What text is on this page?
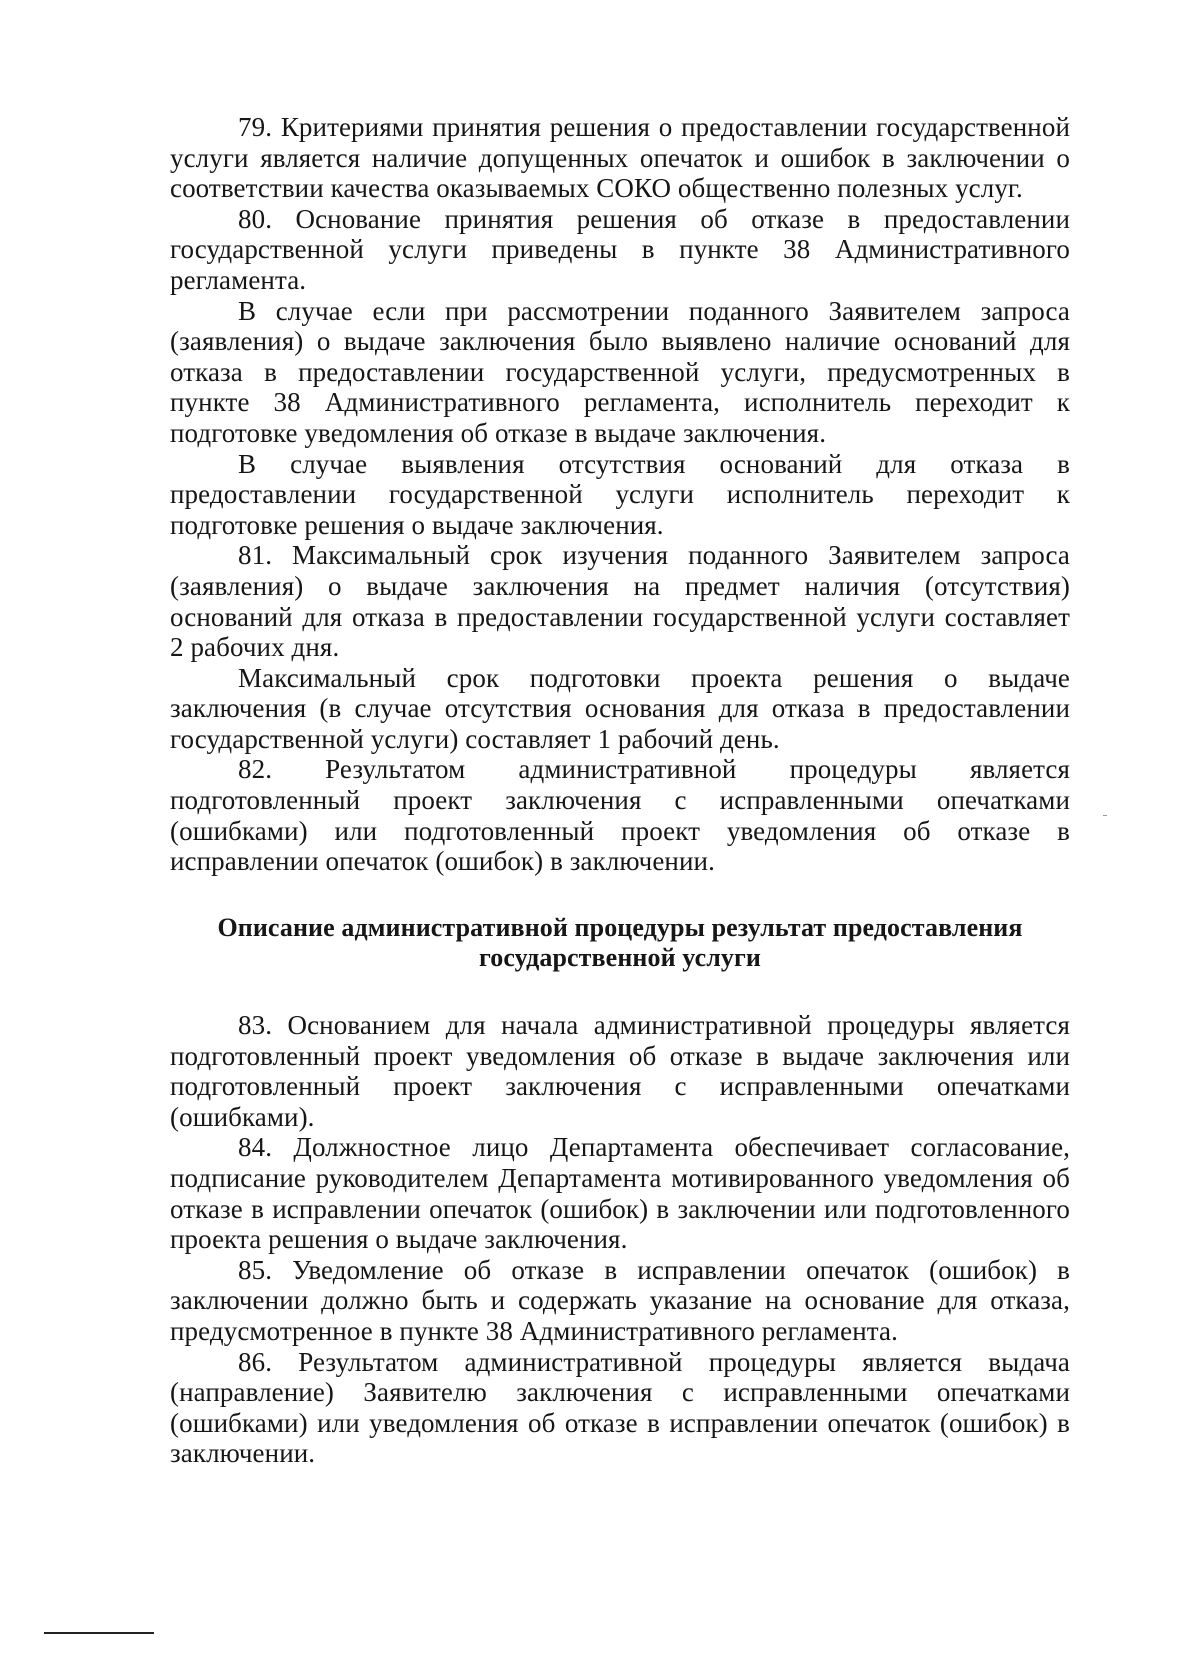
79. Критериями принятия решения о предоставлении государственной услуги является наличие допущенных опечаток и ошибок в заключении о соответствии качества оказываемых СОКО общественно полезных услуг.

80. Основание принятия решения об отказе в предоставлении государственной услуги приведены в пункте 38 Административного регламента.

В случае если при рассмотрении поданного Заявителем запроса (заявления) о выдаче заключения было выявлено наличие оснований для отказа в предоставлении государственной услуги, предусмотренных в пункте 38 Административного регламента, исполнитель переходит к подготовке уведомления об отказе в выдаче заключения.

В случае выявления отсутствия оснований для отказа в предоставлении государственной услуги исполнитель переходит к подготовке решения о выдаче заключения.

81. Максимальный срок изучения поданного Заявителем запроса (заявления) о выдаче заключения на предмет наличия (отсутствия) оснований для отказа в предоставлении государственной услуги составляет 2 рабочих дня.

Максимальный срок подготовки проекта решения о выдаче заключения (в случае отсутствия основания для отказа в предоставлении государственной услуги) составляет 1 рабочий день.

82. Результатом административной процедуры является подготовленный проект заключения с исправленными опечатками (ошибками) или подготовленный проект уведомления об отказе в исправлении опечаток (ошибок) в заключении.

Описание административной процедуры результат предоставления
государственной услуги

83. Основанием для начала административной процедуры является подготовленный проект уведомления об отказе в выдаче заключения или подготовленный проект заключения с исправленными опечатками (ошибками).

84. Должностное лицо Департамента обеспечивает согласование, подписание руководителем Департамента мотивированного уведомления об отказе в исправлении опечаток (ошибок) в заключении или подготовленного проекта решения о выдаче заключения.

85. Уведомление об отказе в исправлении опечаток (ошибок) в заключении должно быть и содержать указание на основание для отказа, предусмотренное в пункте 38 Административного регламента.

86. Результатом административной процедуры является выдача (направление) Заявителю заключения с исправленными опечатками (ошибками) или уведомления об отказе в исправлении опечаток (ошибок) в заключении.
